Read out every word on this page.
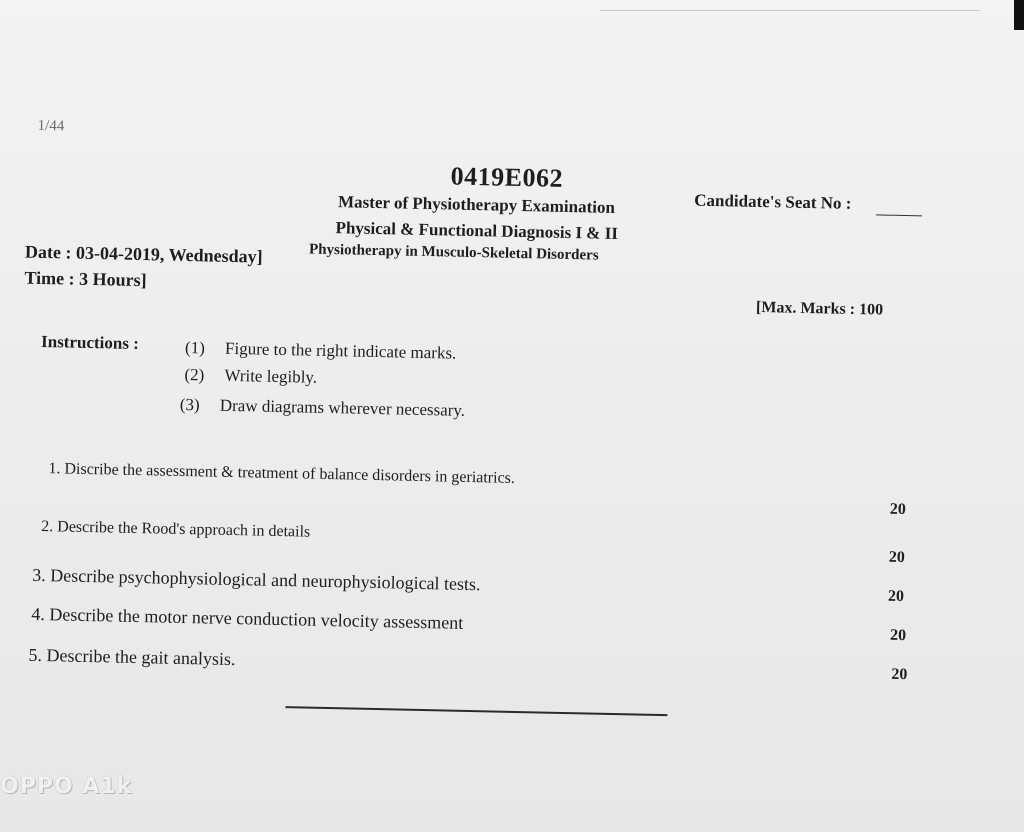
1/44
0419E062
Candidate's Seat No :
Master of Physiotherapy Examination
Physical & Functional Diagnosis I & II
Physiotherapy in Musculo-Skeletal Disorders
Date : 03-04-2019, Wednesday]
Time : 3 Hours]
[Max. Marks : 100
Instructions :	(1) Figure to the right indicate marks.
(2) Write legibly.
(3) Draw diagrams wherever necessary.
1. Discribe the assessment & treatment of balance disorders in geriatrics.
20
2. Describe the Rood's approach in details
20
3. Describe psychophysiological and neurophysiological tests.
20
4. Describe the motor nerve conduction velocity assessment
20
5. Describe the gait analysis.
20
OPPO A1k
